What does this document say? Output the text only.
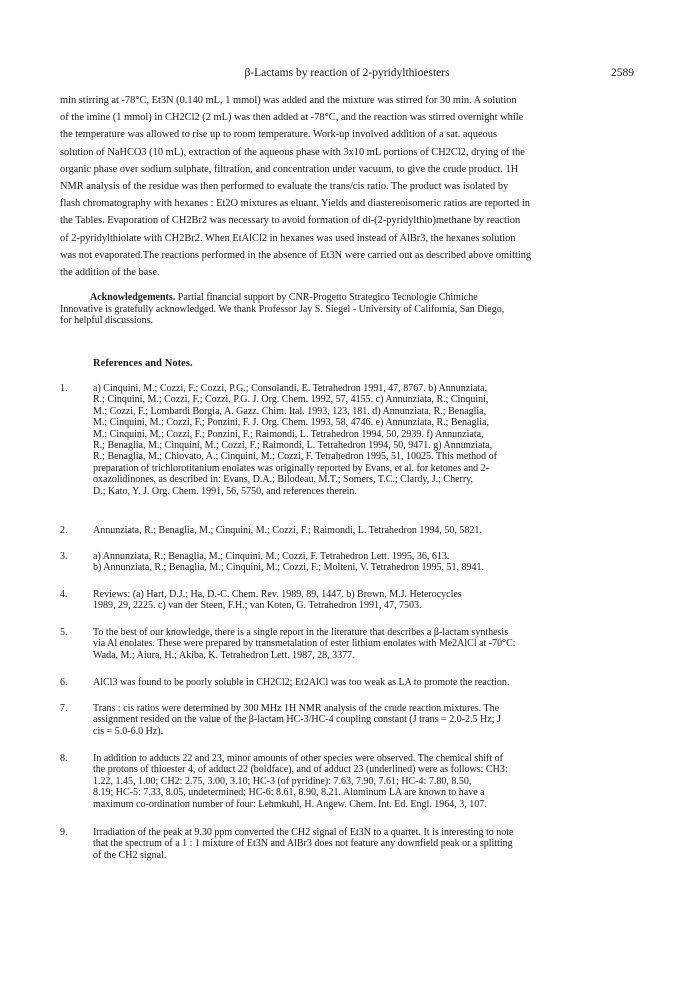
β-Lactams by reaction of 2-pyridylthioesters	2589
min stirring at -78°C, Et3N (0.140 mL, 1 mmol) was added and the mixture was stirred for 30 min. A solution
of the imine (1 mmol) in CH2Cl2 (2 mL) was then added at -78°C, and the reaction was stirred overnight while
the temperature was allowed to rise up to room temperature. Work-up involved addition of a sat. aqueous
solution of NaHCO3 (10 mL), extraction of the aqueous phase with 3x10 mL portions of CH2Cl2, drying of the
organic phase over sodium sulphate, filtration, and concentration under vacuum, to give the crude product. 1H
NMR analysis of the residue was then performed to evaluate the trans/cis ratio. The product was isolated by
flash chromatography with hexanes : Et2O mixtures as eluant. Yields and diastereoisomeric ratios are reported in
the Tables. Evaporation of CH2Br2 was necessary to avoid formation of di-(2-pyridylthio)methane by reaction
of 2-pyridylthiolate with CH2Br2. When EtAlCl2 in hexanes was used instead of AlBr3, the hexanes solution
was not evaporated.The reactions performed in the absence of Et3N were carried out as described above omitting
the addition of the base.
Acknowledgements. Partial financial support by CNR-Progetto Strategico Tecnologie Chimiche
Innovative is gratefully acknowledged. We thank Professor Jay S. Siegel - University of California, San Diego,
for helpful discussions.
References and Notes.
1.	a) Cinquini, M.; Cozzi, F.; Cozzi, P.G.; Consolandi, E. Tetrahedron 1991, 47, 8767. b) Annunziata,
R.; Cinquini, M.; Cozzi, F.; Cozzi, P.G. J. Org. Chem. 1992, 57, 4155. c) Annunziata, R.; Cinquini,
M.; Cozzi, F.; Lombardi Borgia, A. Gazz. Chim. Ital. 1993, 123, 181. d) Annunziata, R.; Benaglia,
M.; Cinquini, M.; Cozzi, F.; Ponzini, F. J. Org. Chem. 1993, 58, 4746. e) Annunziata, R.; Benaglia,
M.; Cinquini, M.; Cozzi, F.; Ponzini, F.; Raimondi, L. Tetrahedron 1994, 50, 2939. f) Annunziata,
R.; Benaglia, M.; Cinquini, M.; Cozzi, F.; Raimondi, L. Tetrahedron 1994, 50, 9471. g) Annunziata,
R.; Benaglia, M.; Chiovato, A.; Cinquini, M.; Cozzi, F. Tetrahedron 1995, 51, 10025. This method of
preparation of trichlorotitanium enolates was originally reported by Evans, et al. for ketones and 2-
oxazolidinones, as described in: Evans, D.A.; Bilodeau, M.T.; Somers, T.C.; Clardy, J.; Cherry,
D.; Kato, Y. J. Org. Chem. 1991, 56, 5750, and references therein.
2.	Annunziata, R.; Benaglia, M.; Cinquini, M.; Cozzi, F.; Raimondi, L. Tetrahedron 1994, 50, 5821.
3.	a) Annunziata, R.; Benaglia, M.; Cinquini, M.; Cozzi, F. Tetrahedron Lett. 1995, 36, 613.
b) Annunziata, R.; Benaglia, M.; Cinquini, M.; Cozzi, F.; Molteni, V. Tetrahedron 1995, 51, 8941.
4.	Reviews: (a) Hart, D.J.; Ha, D.-C. Chem. Rev. 1989, 89, 1447. b) Brown, M.J. Heterocycles
1989, 29, 2225. c) van der Steen, F.H.; van Koten, G. Tetrahedron 1991, 47, 7503.
5.	To the best of our knowledge, there is a single report in the literature that describes a β-lactam synthesis
via Al enolates. These were prepared by transmetalation of ester lithium enolates with Me2AlCl at -70°C:
Wada, M.; Aiura, H.; Akiba, K. Tetrahedron Lett. 1987, 28, 3377.
6.	AlCl3 was found to be poorly soluble in CH2Cl2; Et2AlCl was too weak as LA to promote the reaction.
7.	Trans : cis ratios were determined by 300 MHz 1H NMR analysis of the crude reaction mixtures. The
assignment resided on the value of the β-lactam HC-3/HC-4 coupling constant (J trans = 2.0-2.5 Hz; J
cis = 5.0-6.0 Hz).
8.	In addition to adducts 22 and 23, minor amounts of other species were observed. The chemical shift of
the protons of thioester 4, of adduct 22 (boldface), and of adduct 23 (underlined) were as follows: CH3:
1.22, 1.45, 1.00; CH2: 2.75, 3.00, 3.10; HC-3 (of pyridine): 7.63, 7.90, 7.61; HC-4: 7.80, 8.50,
8.19; HC-5: 7.33, 8.05, undetermined; HC-6: 8.61, 8.90, 8.21. Aluminum LA are known to have a
maximum co-ordination number of four: Lehmkuhl, H. Angew. Chem. Int. Ed. Engl. 1964, 3, 107.
9.	Irradiation of the peak at 9.30 ppm converted the CH2 signal of Et3N to a quartet. It is interesting to note
that the spectrum of a 1 : 1 mixture of Et3N and AlBr3 does not feature any downfield peak or a splitting
of the CH2 signal.
